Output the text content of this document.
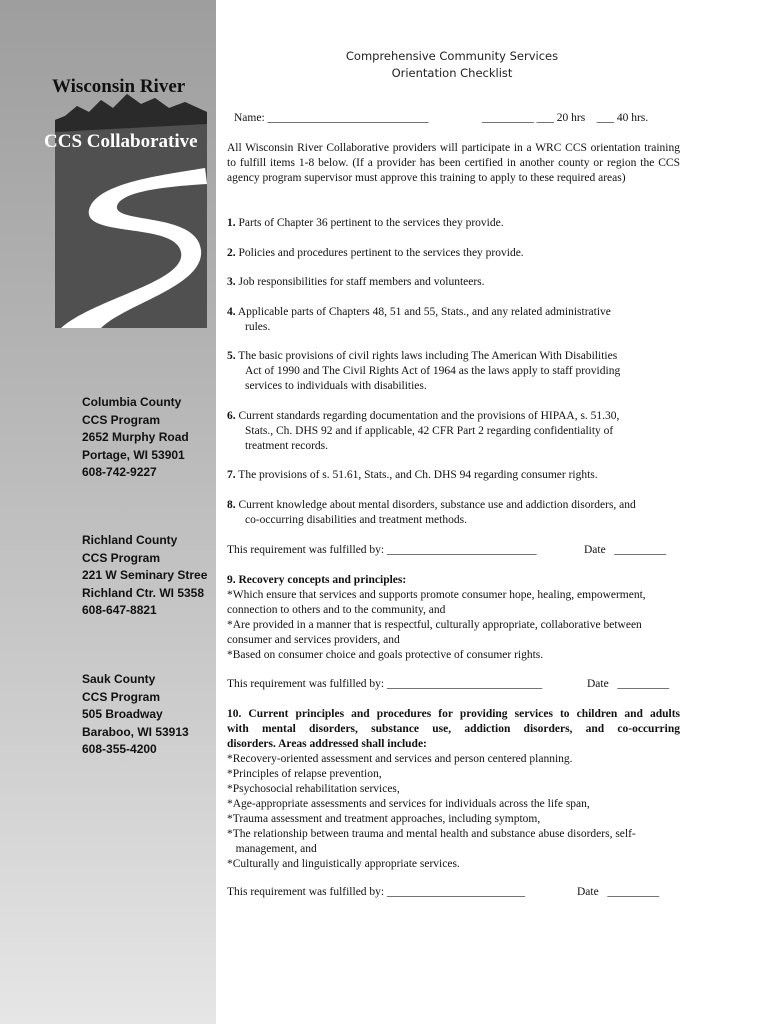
Wisconsin River
CCS Collaborative
Columbia County
CCS Program
2652 Murphy Road
Portage, WI 53901
608-742-9227
Richland County
CCS Program
221 W Seminary Stree
Richland Ctr. WI 5358
608-647-8821
Sauk County
CCS Program
505 Broadway
Baraboo, WI 53913
608-355-4200
Comprehensive Community Services
Orientation Checklist
Name: ____________________________	_________ ___ 20 hrs ___ 40 hrs.
All Wisconsin River Collaborative providers will participate in a WRC CCS orientation training to fulfill items 1-8 below. (If a provider has been certified in another county or region the CCS agency program supervisor must approve this training to apply to these required areas)
1. Parts of Chapter 36 pertinent to the services they provide.
2. Policies and procedures pertinent to the services they provide.
3. Job responsibilities for staff members and volunteers.
4. Applicable parts of Chapters 48, 51 and 55, Stats., and any related administrative
rules.
5. The basic provisions of civil rights laws including The American With Disabilities
Act of 1990 and The Civil Rights Act of 1964 as the laws apply to staff providing
services to individuals with disabilities.
6. Current standards regarding documentation and the provisions of HIPAA, s. 51.30,
Stats., Ch. DHS 92 and if applicable, 42 CFR Part 2 regarding confidentiality of
treatment records.
7. The provisions of s. 51.61, Stats., and Ch. DHS 94 regarding consumer rights.
8. Current knowledge about mental disorders, substance use and addiction disorders, and
co-occurring disabilities and treatment methods.
This requirement was fulfilled by: __________________________	Date _________
9. Recovery concepts and principles:
*Which ensure that services and supports promote consumer hope, healing, empowerment,
connection to others and to the community, and
*Are provided in a manner that is respectful, culturally appropriate, collaborative between
consumer and services providers, and
*Based on consumer choice and goals protective of consumer rights.
This requirement was fulfilled by: ___________________________	Date _________
10. Current principles and procedures for providing services to children and adults
with mental disorders, substance use, addiction disorders, and co-occurring
disorders. Areas addressed shall include:
*Recovery-oriented assessment and services and person centered planning.
*Principles of relapse prevention,
*Psychosocial rehabilitation services,
*Age-appropriate assessments and services for individuals across the life span,
*Trauma assessment and treatment approaches, including symptom,
*The relationship between trauma and mental health and substance abuse disorders, self-
management, and
*Culturally and linguistically appropriate services.
This requirement was fulfilled by: ________________________	Date _________
